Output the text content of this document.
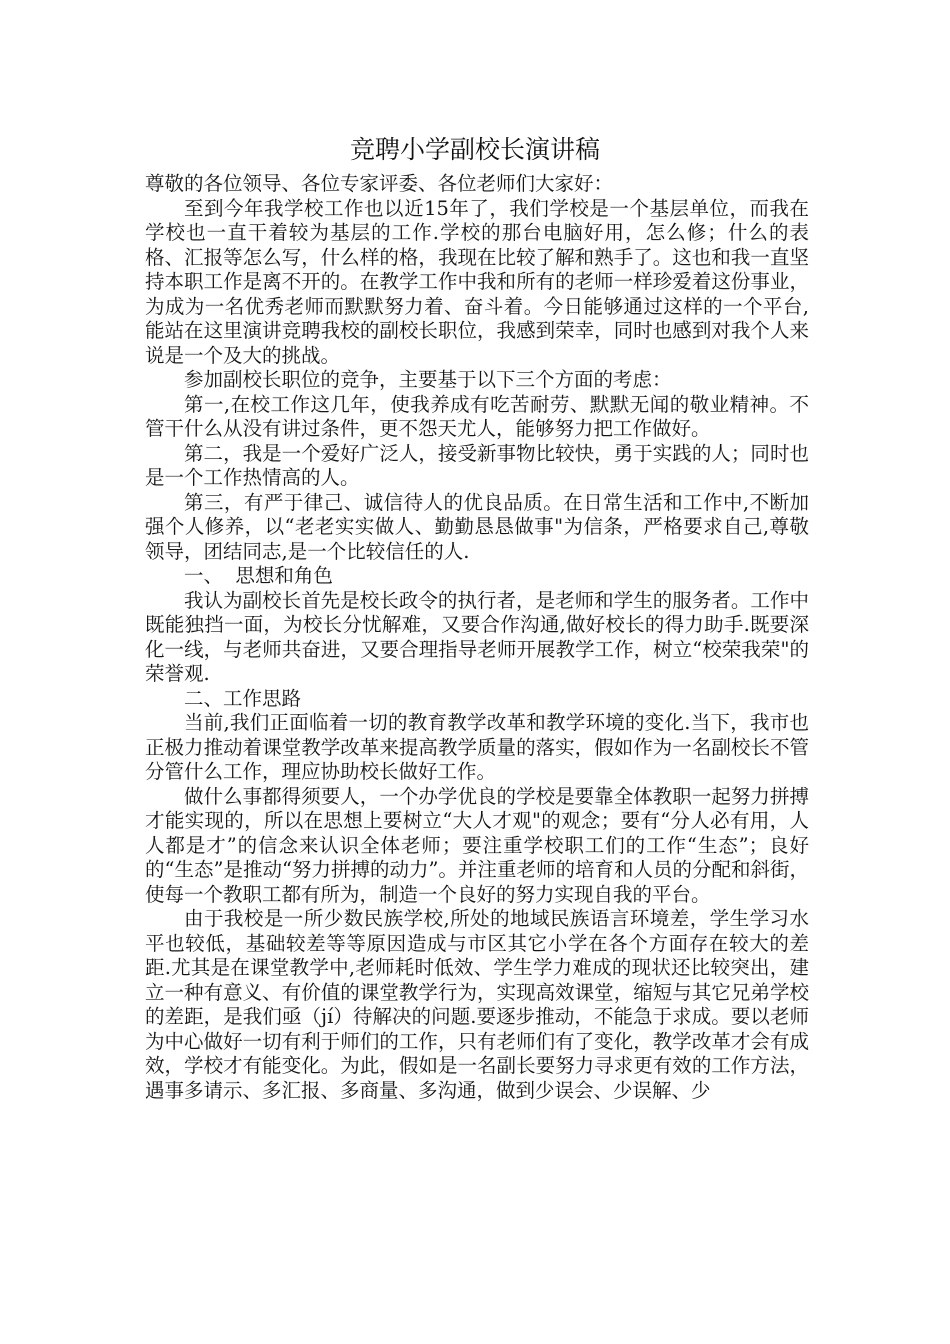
竞聘小学副校长演讲稿

尊敬的各位领导、各位专家评委、各位老师们大家好：

至到今年我学校工作也以近15年了，我们学校是一个基层单位，而我在学校也一直干着较为基层的工作.学校的那台电脑好用，怎么修；什么的表格、汇报等怎么写，什么样的格，我现在比较了解和熟手了。这也和我一直坚持本职工作是离不开的。在教学工作中我和所有的老师一样珍爱着这份事业，为成为一名优秀老师而默默努力着、奋斗着。今日能够通过这样的一个平台,能站在这里演讲竞聘我校的副校长职位，我感到荣幸，同时也感到对我个人来说是一个及大的挑战。

参加副校长职位的竞争，主要基于以下三个方面的考虑：

第一,在校工作这几年，使我养成有吃苦耐劳、默默无闻的敬业精神。不管干什么从没有讲过条件，更不怨天尤人，能够努力把工作做好。

第二，我是一个爱好广泛人，接受新事物比较快，勇于实践的人；同时也是一个工作热情高的人。

第三，有严于律己、诚信待人的优良品质。在日常生活和工作中,不断加强个人修养，以“老老实实做人、勤勤恳恳做事"为信条，严格要求自己,尊敬领导，团结同志,是一个比较信任的人.

一、  思想和角色

我认为副校长首先是校长政令的执行者，是老师和学生的服务者。工作中既能独挡一面，为校长分忧解难，又要合作沟通,做好校长的得力助手.既要深化一线，与老师共奋进，又要合理指导老师开展教学工作，树立“校荣我荣"的荣誉观.

二、工作思路

当前,我们正面临着一切的教育教学改革和教学环境的变化.当下，我市也正极力推动着课堂教学改革来提高教学质量的落实，假如作为一名副校长不管分管什么工作，理应协助校长做好工作。

做什么事都得须要人，一个办学优良的学校是要靠全体教职一起努力拼搏才能实现的，所以在思想上要树立“大人才观"的观念；要有“分人必有用，人人都是才”的信念来认识全体老师；要注重学校职工们的工作“生态”；良好的“生态”是推动“努力拼搏的动力”。并注重老师的培育和人员的分配和斜街，使每一个教职工都有所为，制造一个良好的努力实现自我的平台。

由于我校是一所少数民族学校,所处的地域民族语言环境差，学生学习水平也较低，基础较差等等原因造成与市区其它小学在各个方面存在较大的差距.尤其是在课堂教学中,老师耗时低效、学生学力难成的现状还比较突出，建立一种有意义、有价值的课堂教学行为，实现高效课堂，缩短与其它兄弟学校的差距，是我们亟（jí）待解决的问题.要逐步推动，不能急于求成。要以老师为中心做好一切有利于师们的工作，只有老师们有了变化，教学改革才会有成效，学校才有能变化。为此，假如是一名副长要努力寻求更有效的工作方法，遇事多请示、多汇报、多商量、多沟通，做到少误会、少误解、少
